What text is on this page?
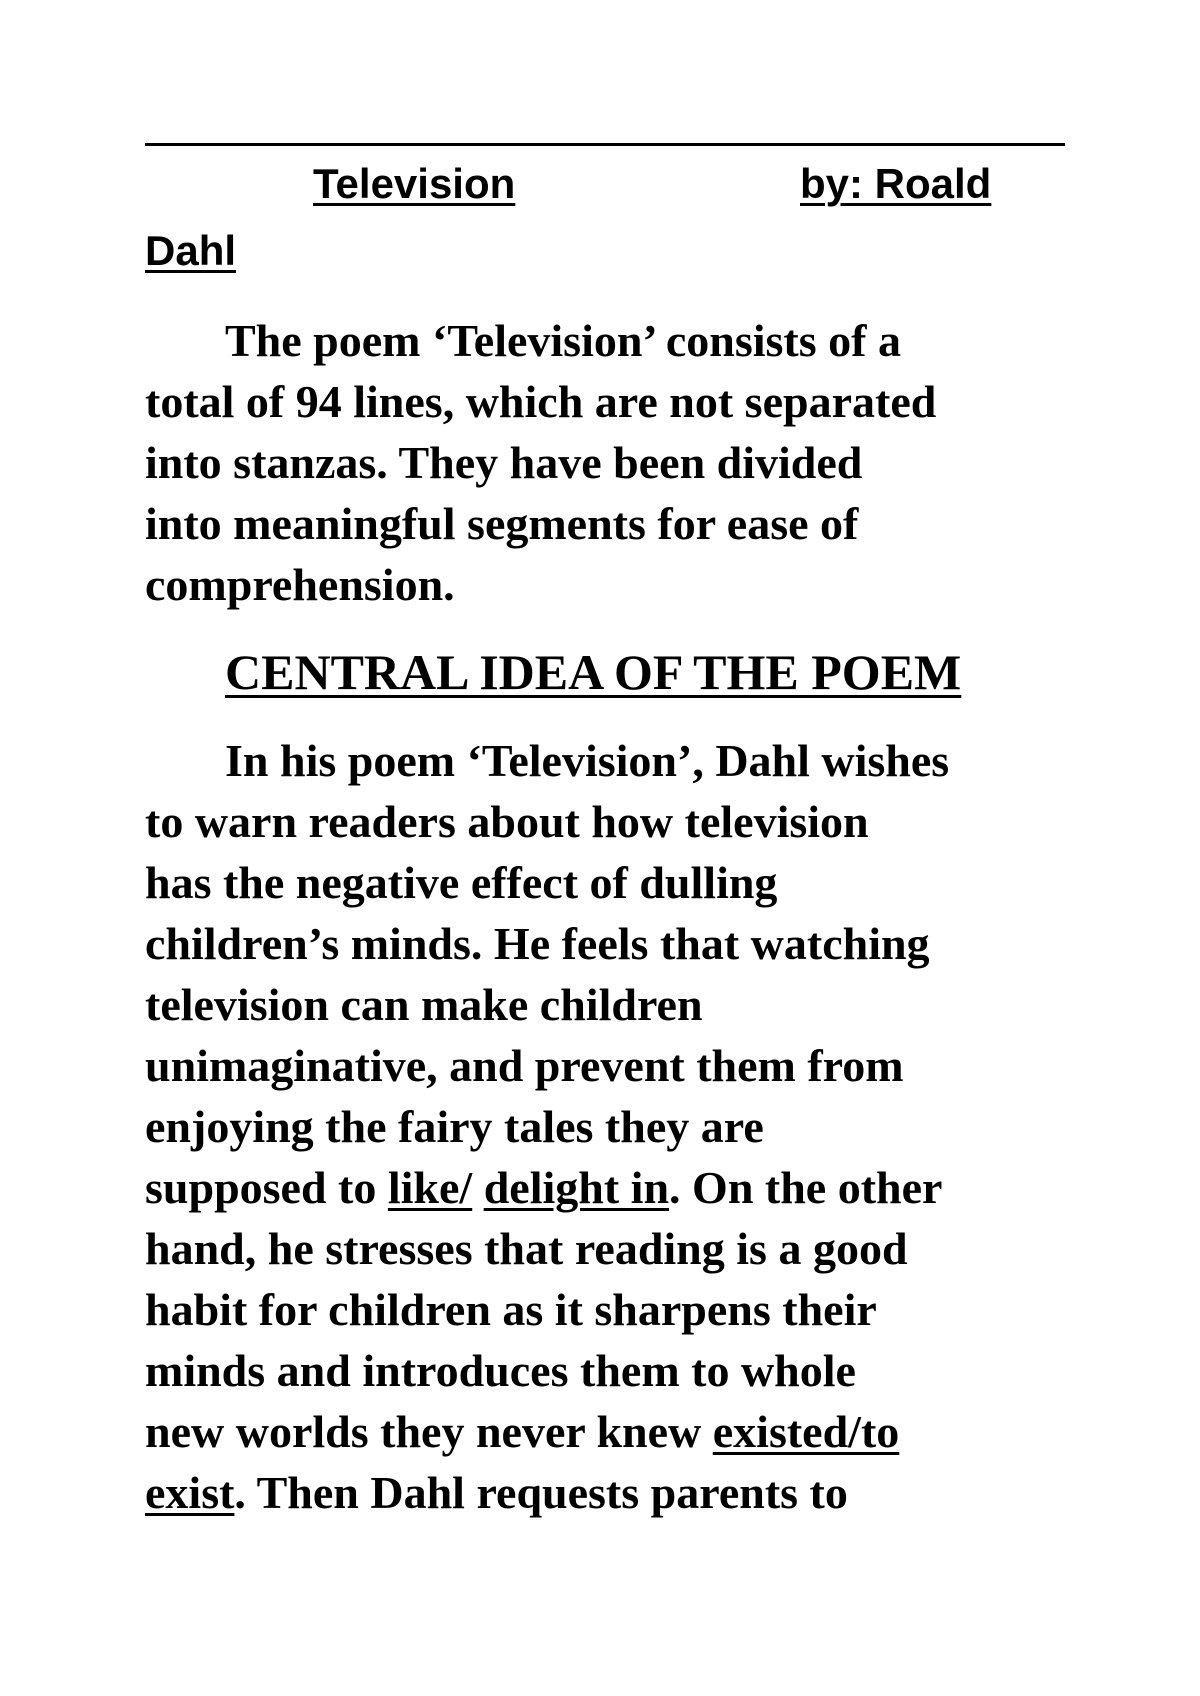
Television	by: Roald
Dahl
The poem ‘Television’ consists of a
total of 94 lines, which are not separated
into stanzas. They have been divided
into meaningful segments for ease of
comprehension.
CENTRAL IDEA OF THE POEM
In his poem ‘Television’, Dahl wishes
to warn readers about how television
has the negative effect of dulling
children’s minds. He feels that watching
television can make children
unimaginative, and prevent them from
enjoying the fairy tales they are
supposed to like/ delight in. On the other
hand, he stresses that reading is a good
habit for children as it sharpens their
minds and introduces them to whole
new worlds they never knew existed/to
exist. Then Dahl requests parents to
